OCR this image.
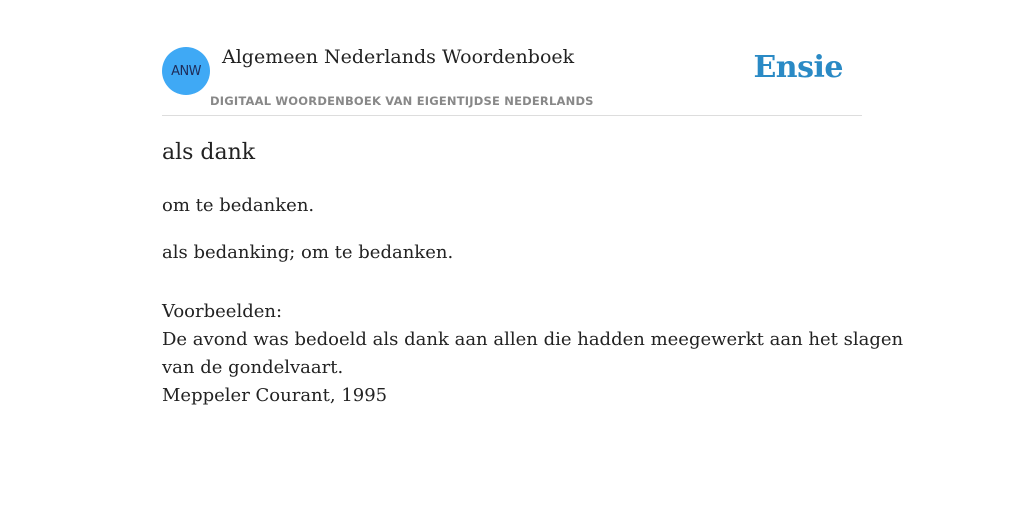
ANW
Algemeen Nederlands Woordenboek
DIGITAAL WOORDENBOEK VAN EIGENTIJDSE NEDERLANDS
Ensie
als dank
om te bedanken.
als bedanking; om te bedanken.
Voorbeelden:
De avond was bedoeld als dank aan allen die hadden meegewerkt aan het slagen
van de gondelvaart.
Meppeler Courant, 1995
